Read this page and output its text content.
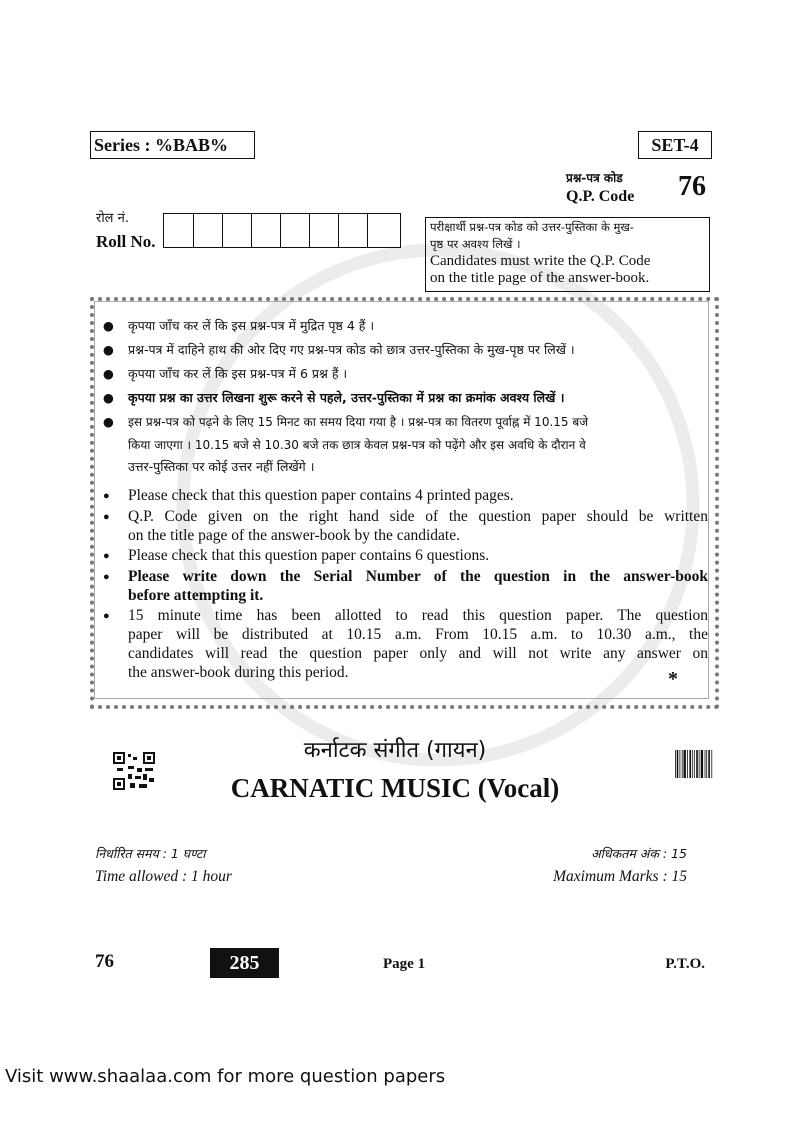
Series : %BAB%	SET-4
प्रश्न-पत्र कोड
Q.P. Code 76
रोल नं.
Roll No.
परीक्षार्थी प्रश्न-पत्र कोड को उत्तर-पुस्तिका के मुख-
पृष्ठ पर अवश्य लिखें ।
Candidates must write the Q.P. Code
on the title page of the answer-book.
● कृपया जाँच कर लें कि इस प्रश्न-पत्र में मुद्रित पृष्ठ 4 हैं ।
● प्रश्न-पत्र में दाहिने हाथ की ओर दिए गए प्रश्न-पत्र कोड को छात्र उत्तर-पुस्तिका के मुख-पृष्ठ पर लिखें ।
● कृपया जाँच कर लें कि इस प्रश्न-पत्र में 6 प्रश्न हैं ।
● कृपया प्रश्न का उत्तर लिखना शुरू करने से पहले, उत्तर-पुस्तिका में प्रश्न का क्रमांक अवश्य लिखें ।
● इस प्रश्न-पत्र को पढ़ने के लिए 15 मिनट का समय दिया गया है । प्रश्न-पत्र का वितरण पूर्वाह्न में 10.15 बजे
किया जाएगा । 10.15 बजे से 10.30 बजे तक छात्र केवल प्रश्न-पत्र को पढ़ेंगे और इस अवधि के दौरान वे
उत्तर-पुस्तिका पर कोई उत्तर नहीं लिखेंगे ।
● Please check that this question paper contains 4 printed pages.
● Q.P. Code given on the right hand side of the question paper should be written
on the title page of the answer-book by the candidate.
● Please check that this question paper contains 6 questions.
● Please write down the Serial Number of the question in the answer-book
before attempting it.
● 15 minute time has been allotted to read this question paper. The question
paper will be distributed at 10.15 a.m. From 10.15 a.m. to 10.30 a.m., the
candidates will read the question paper only and will not write any answer on
the answer-book during this period.	*
कर्नाटक संगीत (गायन)
CARNATIC MUSIC (Vocal)
निर्धारित समय : 1 घण्टा
Time allowed : 1 hour
अधिकतम अंक : 15
Maximum Marks : 15
76	285	Page 1	P.T.O.
Visit www.shaalaa.com for more question papers
